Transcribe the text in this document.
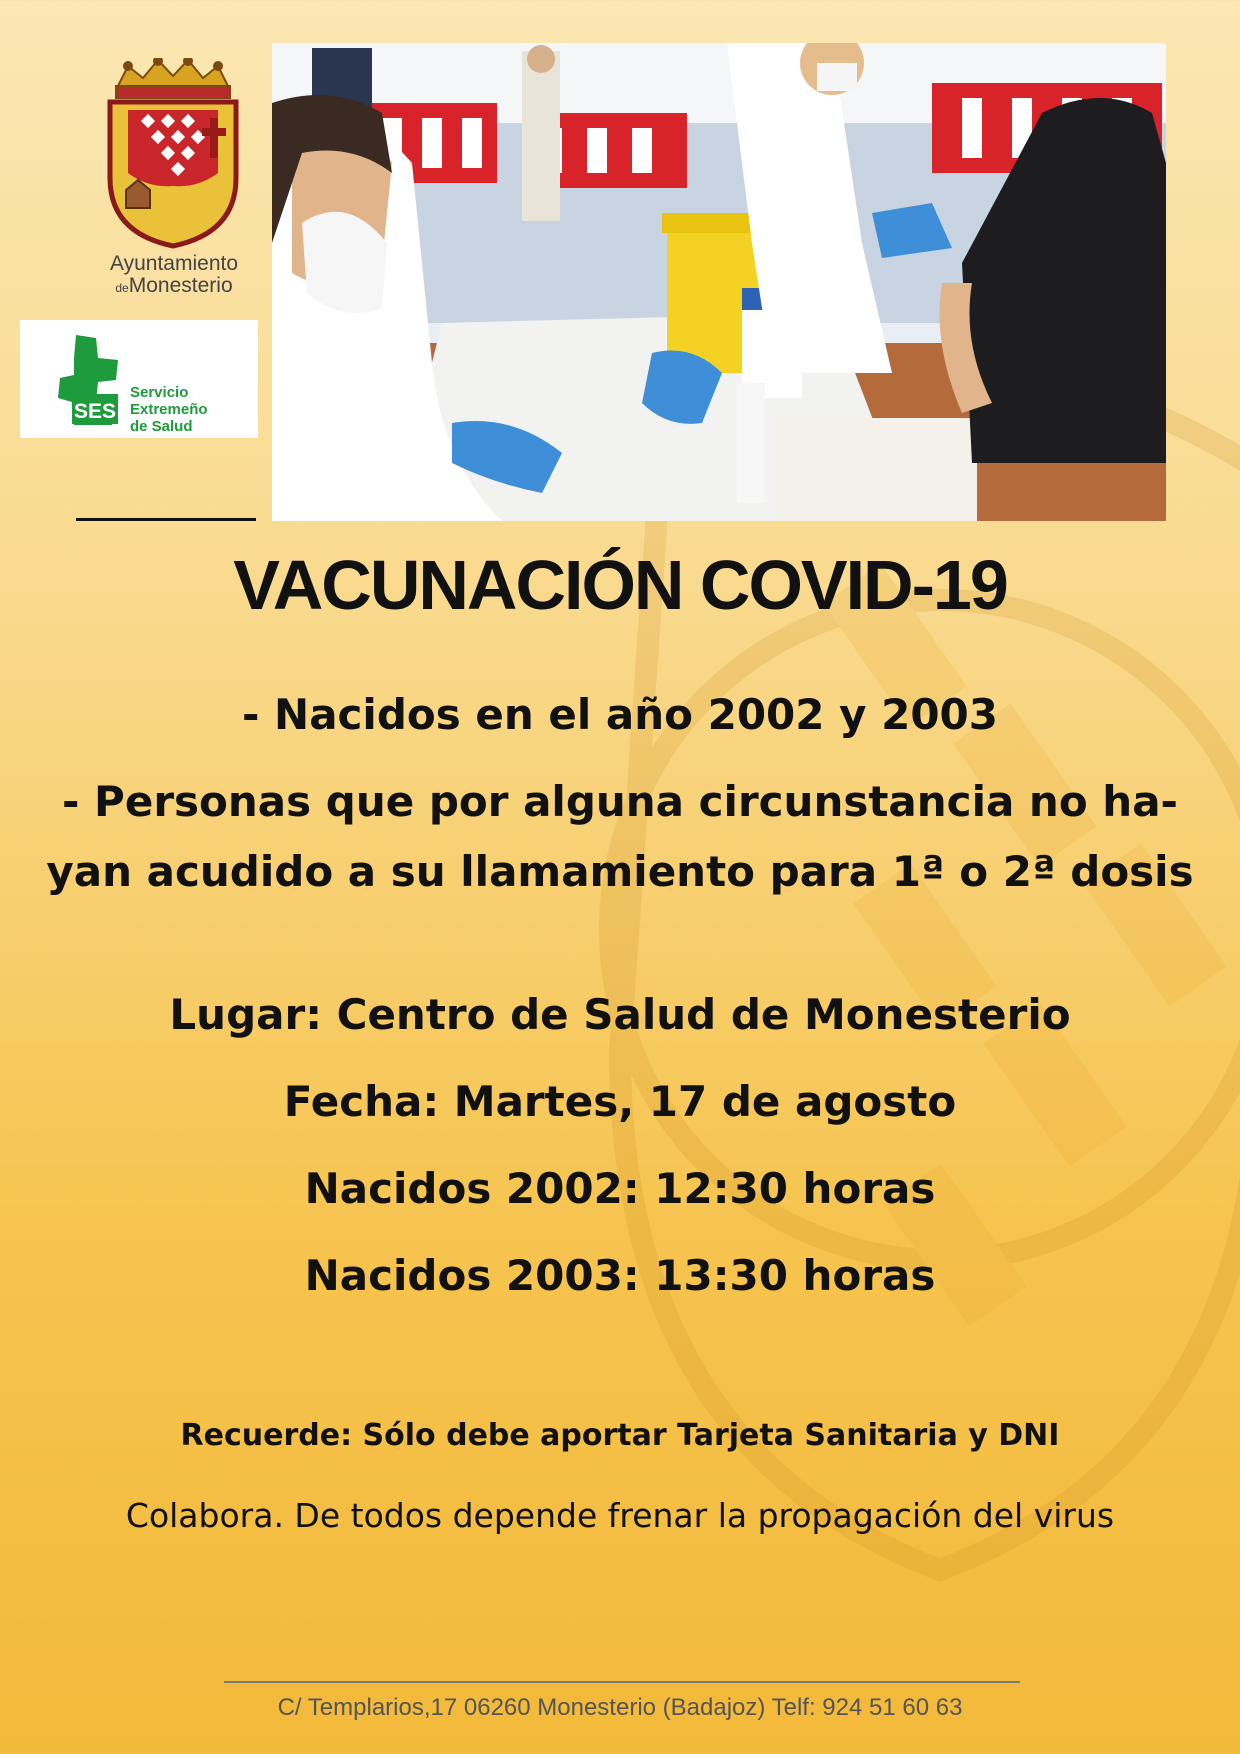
Ayuntamiento
deMonesterio
SES
Servicio
Extremeño
de Salud
VACUNACIÓN COVID-19
- Nacidos en el año 2002 y 2003
- Personas que por alguna circunstancia no ha-
yan acudido a su llamamiento para 1ª o 2ª dosis
Lugar: Centro de Salud de Monesterio
Fecha: Martes, 17 de agosto
Nacidos 2002: 12:30 horas
Nacidos 2003: 13:30 horas
Recuerde: Sólo debe aportar Tarjeta Sanitaria y DNI
Colabora. De todos depende frenar la propagación del virus
C/ Templarios,17 06260 Monesterio (Badajoz) Telf: 924 51 60 63
